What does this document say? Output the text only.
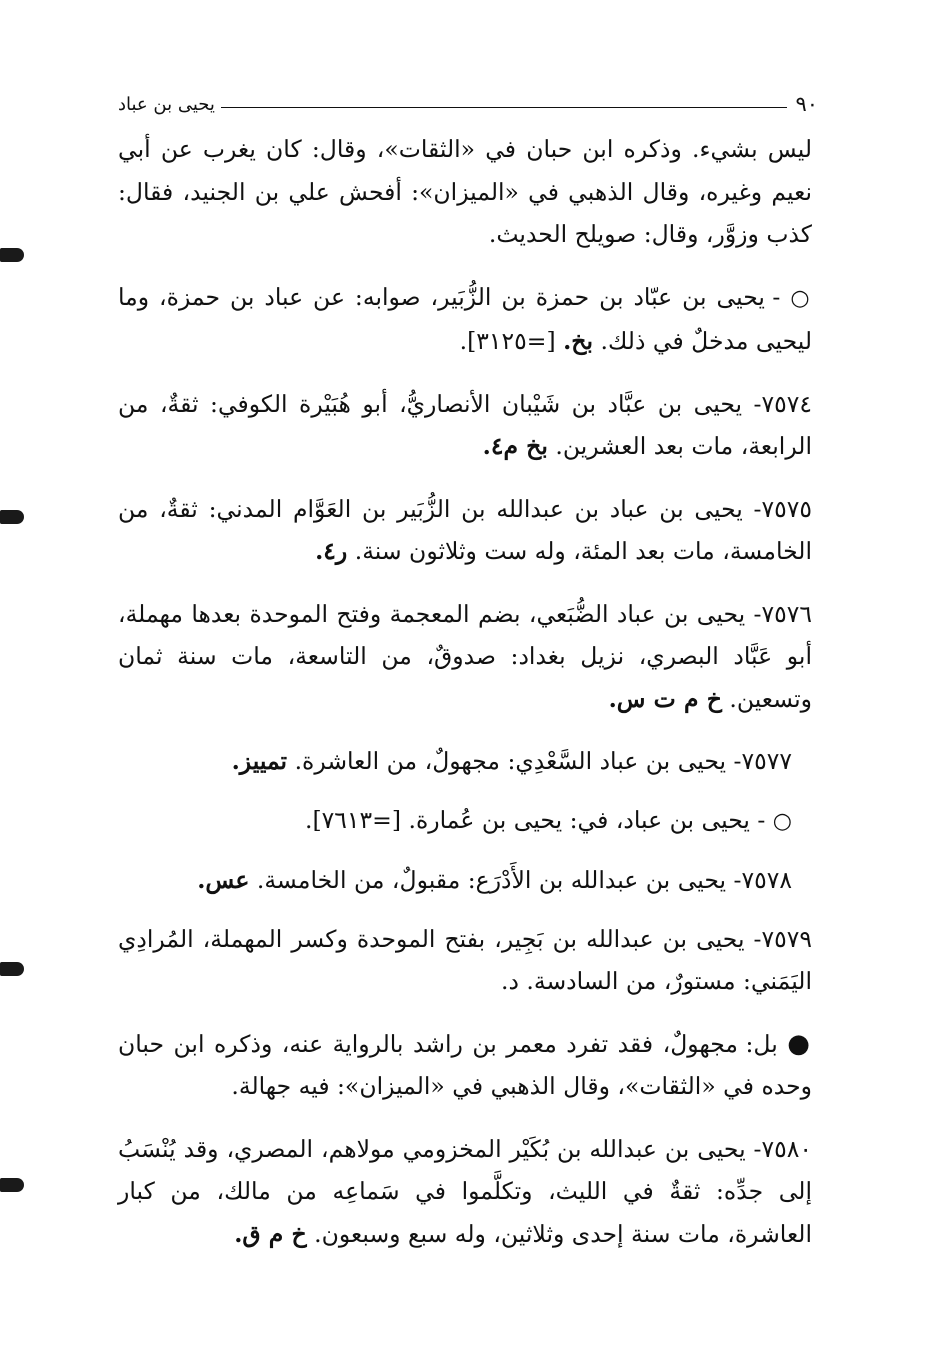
٩٠
يحيى بن عباد

ليس بشيء. وذكره ابن حبان في «الثقات»، وقال: كان يغرب عن أبي نعيم وغيره، وقال الذهبي في «الميزان»: أفحش علي بن الجنيد، فقال: كذب وزوَّر، وقال: صويلح الحديث.

○ - يحيى بن عبّاد بن حمزة بن الزُّبَير، صوابه: عن عباد بن حمزة، وما ليحيى مدخلٌ في ذلك. بخ. [=٣١٢٥].

٧٥٧٤- يحيى بن عبَّاد بن شَيْبان الأنصاريُّ، أبو هُبَيْرة الكوفي: ثقةٌ، من الرابعة، مات بعد العشرين. بخ م٤.

٧٥٧٥- يحيى بن عباد بن عبدالله بن الزُّبَير بن العَوَّام المدني: ثقةٌ، من الخامسة، مات بعد المئة، وله ست وثلاثون سنة. ر٤.

٧٥٧٦- يحيى بن عباد الضُّبَعي، بضم المعجمة وفتح الموحدة بعدها مهملة، أبو عَبَّاد البصري، نزيل بغداد: صدوقٌ، من التاسعة، مات سنة ثمان وتسعين. خ م ت س.

٧٥٧٧- يحيى بن عباد السَّعْدِي: مجهولٌ، من العاشرة. تمييز.

○ - يحيى بن عباد، في: يحيى بن عُمارة. [=٧٦١٣].

٧٥٧٨- يحيى بن عبدالله بن الأَدْرَع: مقبولٌ، من الخامسة. عس.

٧٥٧٩- يحيى بن عبدالله بن بَجِير، بفتح الموحدة وكسر المهملة، المُرادِي اليَمَني: مستورٌ، من السادسة. د.

● بل: مجهولٌ، فقد تفرد معمر بن راشد بالرواية عنه، وذكره ابن حبان وحده في «الثقات»، وقال الذهبي في «الميزان»: فيه جهالة.

٧٥٨٠- يحيى بن عبدالله بن بُكَيْر المخزومي مولاهم، المصري، وقد يُنْسَبُ إلى جدِّه: ثقةٌ في الليث، وتكلَّموا في سَماعِه من مالك، من كبار العاشرة، مات سنة إحدى وثلاثين، وله سبع وسبعون. خ م ق.
